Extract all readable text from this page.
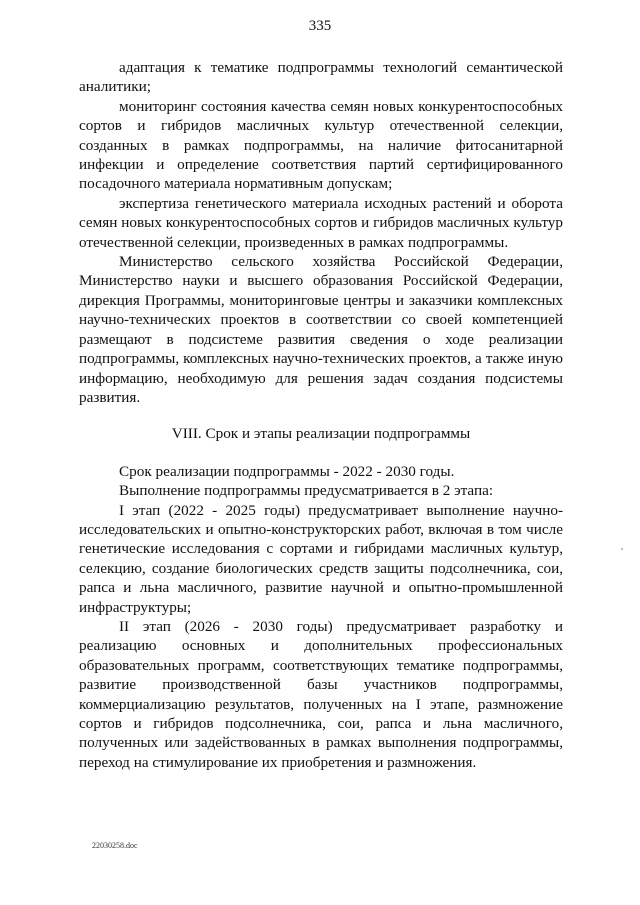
335

адаптация к тематике подпрограммы технологий семантической аналитики;

мониторинг состояния качества семян новых конкурентоспособных сортов и гибридов масличных культур отечественной селекции, созданных в рамках подпрограммы, на наличие фитосанитарной инфекции и определение соответствия партий сертифицированного посадочного материала нормативным допускам;

экспертиза генетического материала исходных растений и оборота семян новых конкурентоспособных сортов и гибридов масличных культур отечественной селекции, произведенных в рамках подпрограммы.

Министерство сельского хозяйства Российской Федерации, Министерство науки и высшего образования Российской Федерации, дирекция Программы, мониторинговые центры и заказчики комплексных научно-технических проектов в соответствии со своей компетенцией размещают в подсистеме развития сведения о ходе реализации подпрограммы, комплексных научно-технических проектов, а также иную информацию, необходимую для решения задач создания подсистемы развития.

VIII. Срок и этапы реализации подпрограммы

Срок реализации подпрограммы - 2022 - 2030 годы.

Выполнение подпрограммы предусматривается в 2 этапа:

I этап (2022 - 2025 годы) предусматривает выполнение научно-исследовательских и опытно-конструкторских работ, включая в том числе генетические исследования с сортами и гибридами масличных культур, селекцию, создание биологических средств защиты подсолнечника, сои, рапса и льна масличного, развитие научной и опытно-промышленной инфраструктуры;

II этап (2026 - 2030 годы) предусматривает разработку и реализацию основных и дополнительных профессиональных образовательных программ, соответствующих тематике подпрограммы, развитие производственной базы участников подпрограммы, коммерциализацию результатов, полученных на I этапе, размножение сортов и гибридов подсолнечника, сои, рапса и льна масличного, полученных или задействованных в рамках выполнения подпрограммы, переход на стимулирование их приобретения и размножения.

22030258.doc
